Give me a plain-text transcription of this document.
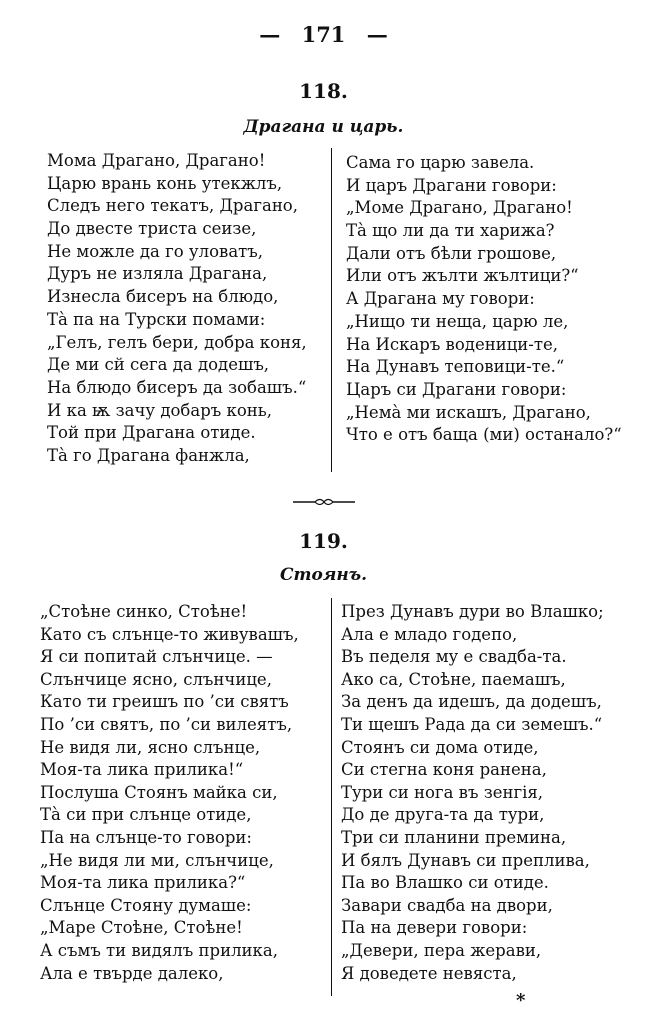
— 171 —
118.
Драгана и царь.
Мома Драгано, Драгано!
Царю врань конь утекжлъ,
Следъ него текатъ, Драгано,
До двесте триста сеизе,
Не можле да го уловатъ,
Дуръ не изляла Драгана,
Изнесла бисеръ на блюдо,
Тà па на Турски помами:
„Гелъ, гелъ бери, добра коня,
Де ми сй сега да додешъ,
На блюдо бисеръ да зобашъ.“
И ка ѭ зачу добаръ конь,
Той при Драгана отиде.
Тà го Драгана фанжла,
Сама го царю завела.
И царъ Драгани говори:
„Моме Драгано, Драгано!
Тà що ли да ти харижа?
Дали отъ бѣли грошове,
Или отъ жълти жълтици?“
А Драгана му говори:
„Нищо ти неща, царю лe,
На Искаръ воденици-те,
На Дунавъ теповици-те.“
Царъ си Драгани говори:
„Немà ми искашъ, Драгано,
Что е отъ баща (ми) остaнало?“
119.
Стоянъ.
„Стоѣне синко, Стоѣне!
Като съ слънце-то живувашъ,
Я си попитай слънчице. —
Слънчице ясно, слънчице,
Като ти греишъ по ’си святъ
По ’си святъ, по ’си вилеятъ,
Не видя ли, ясно слънце,
Моя-та лика прилика!“
Послуша Стоянъ майка си,
Тà си при слънце отиде,
Па на слънце-то говори:
„Не видя ли ми, слънчице,
Моя-та лика прилика?“
Слънце Стояну думаше:
„Маре Стоѣне, Стоѣне!
А съмъ ти видялъ прилика,
Ала е твърде далеко,
През Дунавъ дури во Влашко;
Ала е младо годепо,
Въ педеля му е свадба-та.
Ако са, Стоѣне, паемашъ,
За денъ да идешъ, да додешъ,
Ти щешъ Рада да си земешъ.“
Стоянъ си дома отиде,
Си стегна коня ранена,
Тури си нога въ зенгія,
До де друга-та да тури,
Три си планини премина,
И бялъ Дунавъ си преплива,
Па во Влашко си отиде.
Завари свадба на двори,
Па на девери говори:
„Девери, пера жерави,
Я доведете невяста,
*
